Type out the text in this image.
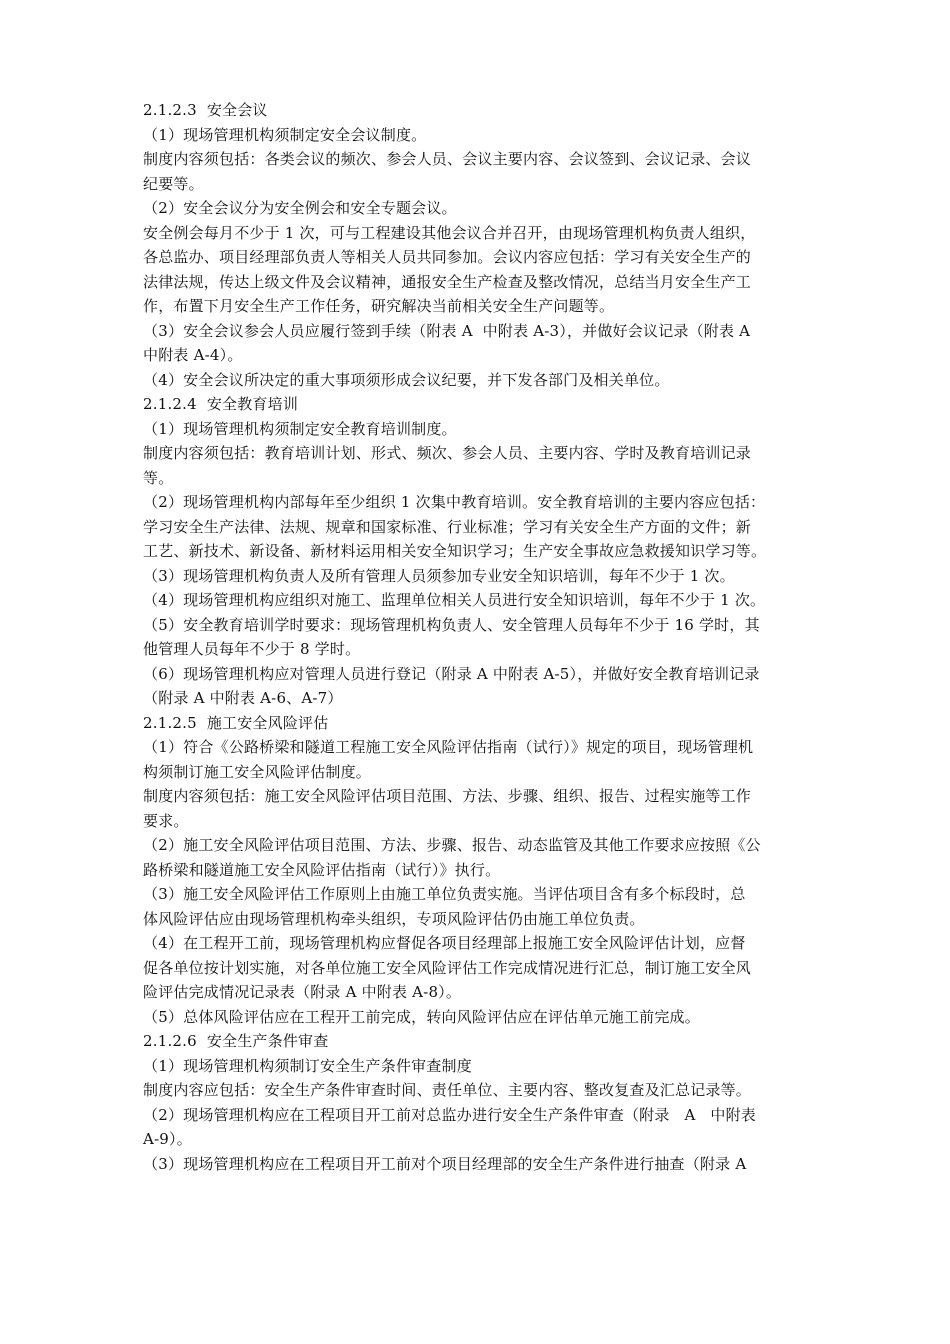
2.1.2.3  安全会议
（1）现场管理机构须制定安全会议制度。
制度内容须包括：各类会议的频次、参会人员、会议主要内容、会议签到、会议记录、会议
纪要等。
（2）安全会议分为安全例会和安全专题会议。
安全例会每月不少于 1 次，可与工程建设其他会议合并召开，由现场管理机构负责人组织，
各总监办、项目经理部负责人等相关人员共同参加。会议内容应包括：学习有关安全生产的
法律法规，传达上级文件及会议精神，通报安全生产检查及整改情况，总结当月安全生产工
作，布置下月安全生产工作任务，研究解决当前相关安全生产问题等。
（3）安全会议参会人员应履行签到手续（附表 A  中附表 A-3），并做好会议记录（附表 A
中附表 A-4）。
（4）安全会议所决定的重大事项须形成会议纪要，并下发各部门及相关单位。
2.1.2.4  安全教育培训
（1）现场管理机构须制定安全教育培训制度。
制度内容须包括：教育培训计划、形式、频次、参会人员、主要内容、学时及教育培训记录
等。
（2）现场管理机构内部每年至少组织 1 次集中教育培训。安全教育培训的主要内容应包括：
学习安全生产法律、法规、规章和国家标准、行业标准；学习有关安全生产方面的文件；新
工艺、新技术、新设备、新材料运用相关安全知识学习；生产安全事故应急救援知识学习等。
（3）现场管理机构负责人及所有管理人员须参加专业安全知识培训，每年不少于 1 次。
（4）现场管理机构应组织对施工、监理单位相关人员进行安全知识培训，每年不少于 1 次。
（5）安全教育培训学时要求：现场管理机构负责人、安全管理人员每年不少于 16 学时，其
他管理人员每年不少于 8 学时。
（6）现场管理机构应对管理人员进行登记（附录 A 中附表 A-5），并做好安全教育培训记录
（附录 A 中附表 A-6、A-7）
2.1.2.5  施工安全风险评估
（1）符合《公路桥梁和隧道工程施工安全风险评估指南（试行）》规定的项目，现场管理机
构须制订施工安全风险评估制度。
制度内容须包括：施工安全风险评估项目范围、方法、步骤、组织、报告、过程实施等工作
要求。
（2）施工安全风险评估项目范围、方法、步骤、报告、动态监管及其他工作要求应按照《公
路桥梁和隧道施工安全风险评估指南（试行）》执行。
（3）施工安全风险评估工作原则上由施工单位负责实施。当评估项目含有多个标段时，总
体风险评估应由现场管理机构牵头组织，专项风险评估仍由施工单位负责。
（4）在工程开工前，现场管理机构应督促各项目经理部上报施工安全风险评估计划，应督
促各单位按计划实施，对各单位施工安全风险评估工作完成情况进行汇总，制订施工安全风
险评估完成情况记录表（附录 A 中附表 A-8）。
（5）总体风险评估应在工程开工前完成，转向风险评估应在评估单元施工前完成。
2.1.2.6  安全生产条件审查
（1）现场管理机构须制订安全生产条件审查制度
制度内容应包括：安全生产条件审查时间、责任单位、主要内容、整改复查及汇总记录等。
（2）现场管理机构应在工程项目开工前对总监办进行安全生产条件审查（附录   A   中附表
A-9）。
（3）现场管理机构应在工程项目开工前对个项目经理部的安全生产条件进行抽查（附录 A
